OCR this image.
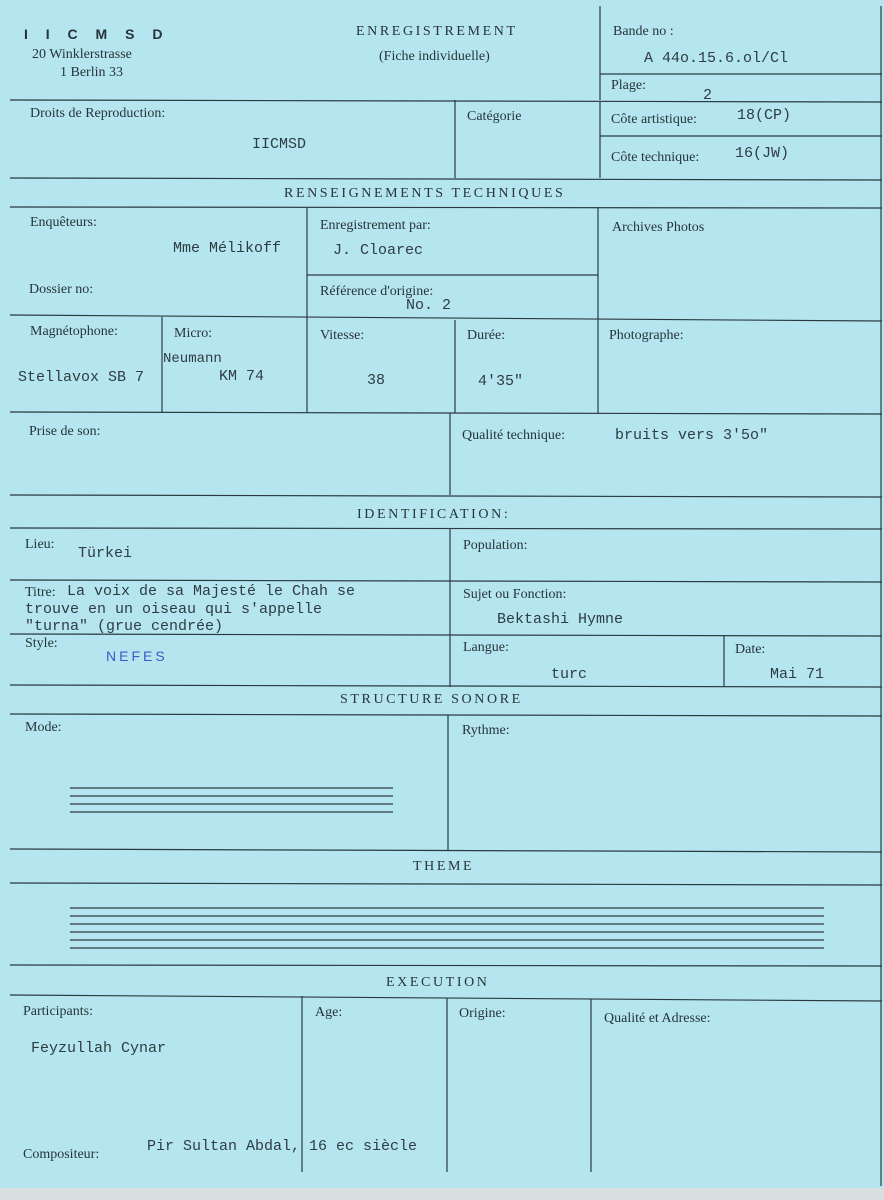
I I C M S D
20 Winklerstrasse
1 Berlin 33
ENREGISTREMENT
(Fiche individuelle)
Bande no :
A 44o.15.6.ol/Cl
Plage:
2
Droits de Reproduction:
IICMSD
Catégorie	Côte artistique:	18(CP)
Côte technique: 16(JW)
RENSEIGNEMENTS TECHNIQUES
Enquêteurs:
Mme Mélikoff
Enregistrement par:
J. Cloarec
Archives Photos
Dossier no:	Référence d'origine:
No. 2
Magnétophone:
Stellavox SB 7
Micro:
Neumann
KM 74
Vitesse:
38
Durée:
4'35"
Photographe:
Prise de son:	Qualité technique:	bruits vers 3'5o"
IDENTIFICATION:
Lieu:
Türkei	Population:
Titre: La voix de sa Majesté le Chah se
trouve en un oiseau qui s'appelle
"turna" (grue cendrée)
Sujet ou Fonction:
Bektashi Hymne
Style:
NEFES
Langue:
turc
Date:
Mai 71
STRUCTURE SONORE
Mode:	Rythme:
THEME
EXECUTION
Participants:
Feyzullah Cynar
Age:	Origine:	Qualité et Adresse:
Compositeur:	Pir Sultan Abdal, 16 ec siècle
